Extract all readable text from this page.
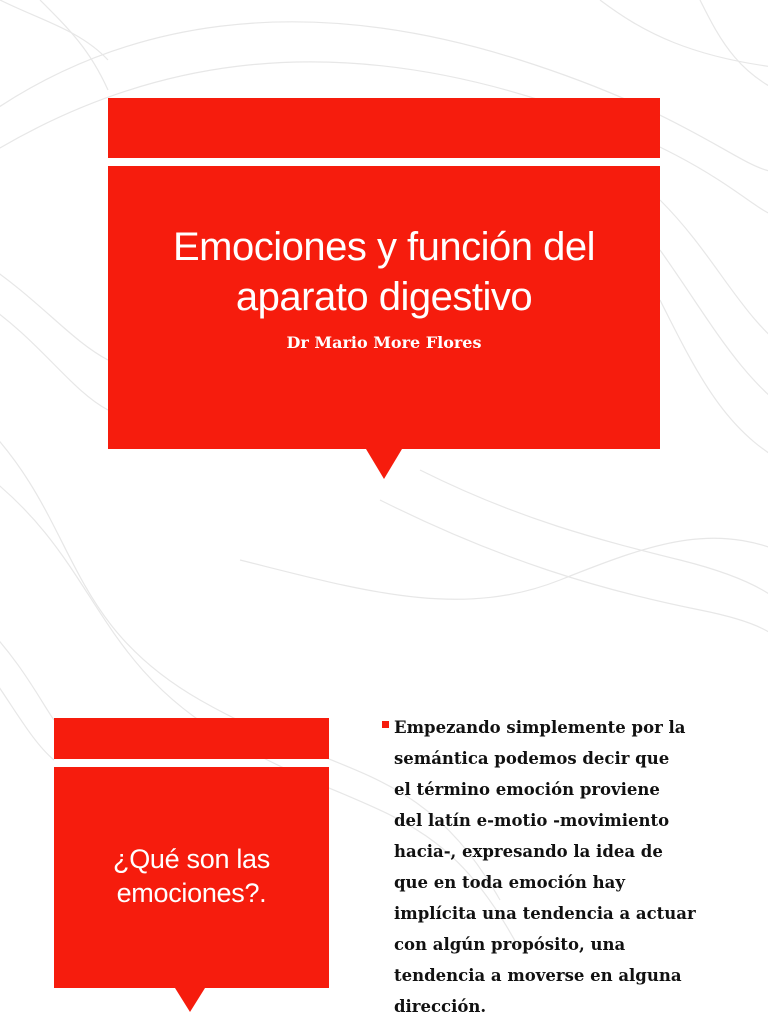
Emociones y función del aparato digestivo
Dr Mario More Flores
¿Qué son las emociones?.

Empezando simplemente por la
semántica podemos decir que
el término emoción proviene
del latín e-motio -movimiento
hacia-, expresando la idea de
que en toda emoción hay
implícita una tendencia a actuar
con algún propósito, una
tendencia a moverse en alguna
dirección.
